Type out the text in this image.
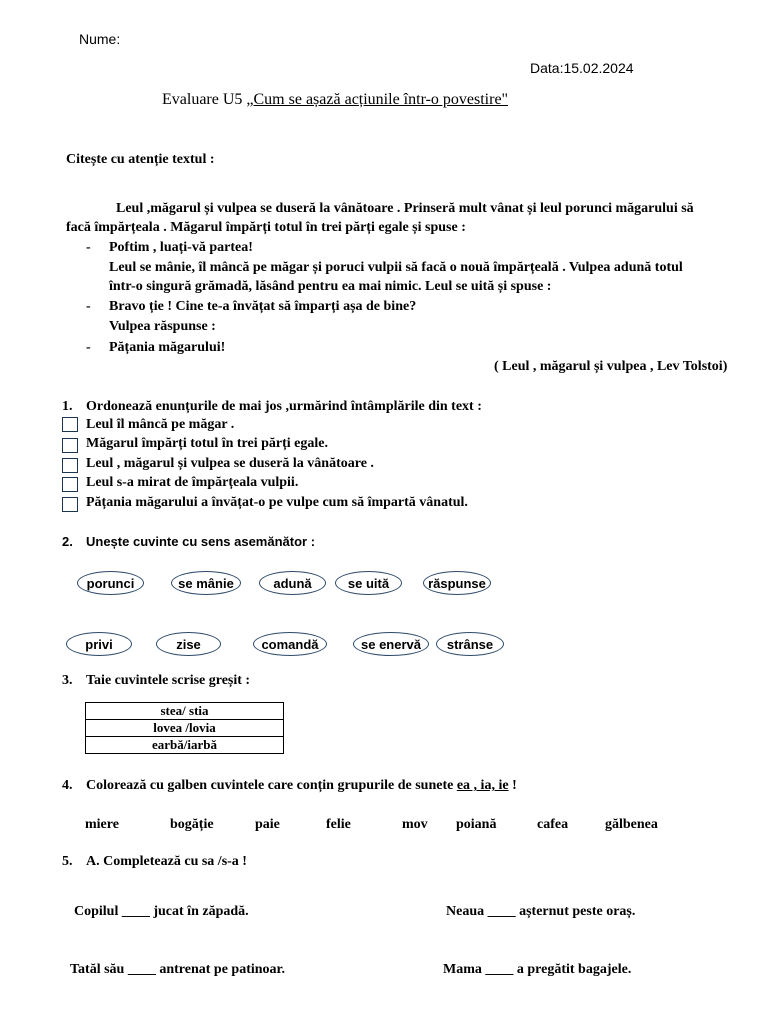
Nume:
Data:15.02.2024
Evaluare U5 „Cum se așază acțiunile într-o povestire"
Citește cu atenție textul :
Leul ,măgarul și vulpea se duseră la vânătoare . Prinseră mult vânat și leul porunci măgarului să
facă împărțeala . Măgarul împărți totul în trei părți egale și spuse :
- Poftim , luați-vă partea!
Leul se mânie, îl mâncă pe măgar și poruci vulpii să facă o nouă împărțeală . Vulpea adună totul
într-o singură grămadă, lăsând pentru ea mai nimic. Leul se uită și spuse :
- Bravo ție ! Cine te-a învățat să împarți așa de bine?
Vulpea răspunse :
- Pățania măgarului!
( Leul , măgarul și vulpea , Lev Tolstoi)
1. Ordonează enunțurile de mai jos ,urmărind întâmplările din text :
Leul îl mâncă pe măgar .
Măgarul împărți totul în trei părți egale.
Leul , măgarul și vulpea se duseră la vânătoare .
Leul s-a mirat de împărțeala vulpii.
Pățania măgarului a învățat-o pe vulpe cum să împartă vânatul.
2. Unește cuvinte cu sens asemănător :
porunci	se mânie	adună	se uită	răspunse
privi	zise	comandă	se enervă	strânse
3. Taie cuvintele scrise greșit :
stea/ stia
lovea /lovia
earbă/iarbă
4. Colorează cu galben cuvintele care conțin grupurile de sunete ea , ia, ie !
miere	bogăție	paie	felie	mov poiană	cafea	gălbenea
5. A. Completează cu sa /s-a !
Copilul ____ jucat în zăpadă.	Neaua ____ așternut peste oraș.
Tatăl său ____ antrenat pe patinoar.	Mama ____ a pregătit bagajele.
